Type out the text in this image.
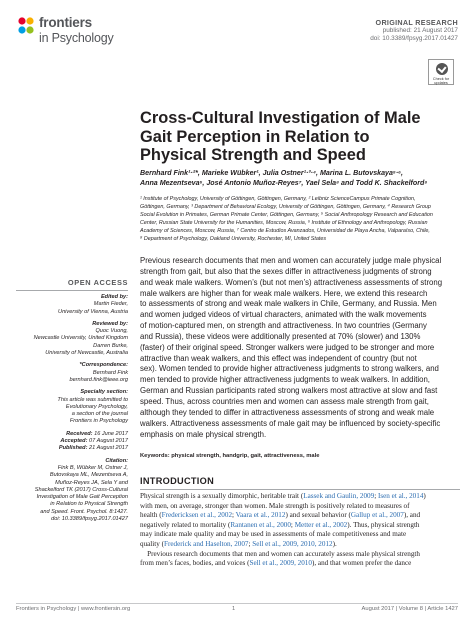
frontiers
in Psychology
ORIGINAL RESEARCH
published: 21 August 2017
doi: 10.3389/fpsyg.2017.01427
Check for
updates
Cross-Cultural Investigation of Male
Gait Perception in Relation to
Physical Strength and Speed
Bernhard Fink¹·²*, Marieke Wübker¹, Julia Ostner¹·³·⁴, Marina L. Butovskaya⁵·⁶,
Anna Mezentseva⁵, José Antonio Muñoz-Reyes⁷, Yael Sela⁸ and Todd K. Shackelford⁸
¹ Institute of Psychology, University of Göttingen, Göttingen, Germany, ² Leibniz ScienceCampus Primate Cognition,
Göttingen, Germany, ³ Department of Behavioral Ecology, University of Göttingen, Göttingen, Germany, ⁴ Research Group
Social Evolution in Primates, German Primate Center, Göttingen, Germany, ⁵ Social Anthropology Research and Education
Center, Russian State University for the Humanities, Moscow, Russia, ⁶ Institute of Ethnology and Anthropology, Russian
Academy of Sciences, Moscow, Russia, ⁷ Centro de Estudios Avanzados, Universidad de Playa Ancha, Valparaíso, Chile,
⁸ Department of Psychology, Oakland University, Rochester, MI, United States
Previous research documents that men and women can accurately judge male physical
strength from gait, but also that the sexes differ in attractiveness judgments of strong
and weak male walkers. Women’s (but not men’s) attractiveness assessments of strong
male walkers are higher than for weak male walkers. Here, we extend this research
to assessments of strong and weak male walkers in Chile, Germany, and Russia. Men
and women judged videos of virtual characters, animated with the walk movements
of motion-captured men, on strength and attractiveness. In two countries (Germany
and Russia), these videos were additionally presented at 70% (slower) and 130%
(faster) of their original speed. Stronger walkers were judged to be stronger and more
attractive than weak walkers, and this effect was independent of country (but not
sex). Women tended to provide higher attractiveness judgments to strong walkers, and
men tended to provide higher attractiveness judgments to weak walkers. In addition,
German and Russian participants rated strong walkers most attractive at slow and fast
speed. Thus, across countries men and women can assess male strength from gait,
although they tended to differ in attractiveness assessments of strong and weak male
walkers. Attractiveness assessments of male gait may be influenced by society-specific
emphasis on male physical strength.
Keywords: physical strength, handgrip, gait, attractiveness, male
INTRODUCTION
Physical strength is a sexually dimorphic, heritable trait (Lassek and Gaulin, 2009; Isen et al., 2014)
with men, on average, stronger than women. Male strength is positively related to measures of
health (Fredericksen et al., 2002; Vaara et al., 2012) and sexual behavior (Gallup et al., 2007), and
negatively related to mortality (Rantanen et al., 2000; Metter et al., 2002). Thus, physical strength
may indicate male quality and may be used in assessments of male competitiveness and mate
quality (Frederick and Haselton, 2007; Sell et al., 2009, 2010, 2012).
 Previous research documents that men and women can accurately assess male physical strength
from men’s faces, bodies, and voices (Sell et al., 2009, 2010), and that women prefer the dance
OPEN ACCESS
Edited by:
Martin Fieder,
University of Vienna, Austria
Reviewed by:
Quoc Vuong,
Newcastle University, United Kingdom
Darren Burke,
University of Newcastle, Australia
*Correspondence:
Bernhard Fink
bernhard.fink@ieee.org
Specialty section:
This article was submitted to
Evolutionary Psychology,
a section of the journal
Frontiers in Psychology
Received: 16 June 2017
Accepted: 07 August 2017
Published: 21 August 2017
Citation:
Fink B, Wübker M, Ostner J,
Butovskaya ML, Mezentseva A,
Muñoz-Reyes JA, Sela Y and
Shackelford TK (2017) Cross-Cultural
Investigation of Male Gait Perception
in Relation to Physical Strength
and Speed. Front. Psychol. 8:1427.
doi: 10.3389/fpsyg.2017.01427
Frontiers in Psychology | www.frontiersin.org	1	August 2017 | Volume 8 | Article 1427
